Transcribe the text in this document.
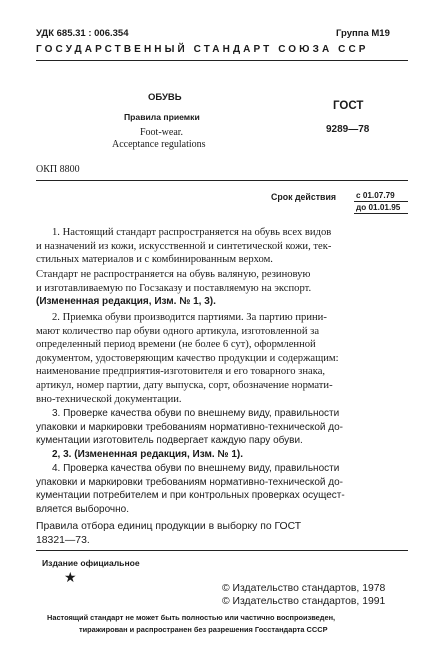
УДК 685.31 : 006.354	Группа М19
ГОСУДАРСТВЕННЫЙ СТАНДАРТ СОЮЗА ССР
ОБУВЬ
Правила приемки
Foot-wear.
Acceptance regulations
ГОСТ
9289—78
ОКП 8800
Срок действия с 01.07.79
до 01.01.95
1. Настоящий стандарт распространяется на обувь всех видов
и назначений из кожи, искусственной и синтетической кожи, тек-
стильных материалов и с комбинированным верхом.
Стандарт не распространяется на обувь валяную, резиновую
и изготавливаемую по Госзаказу и поставляемую на экспорт.
(Измененная редакция, Изм. № 1, 3).
2. Приемка обуви производится партиями. За партию прини-
мают количество пар обуви одного артикула, изготовленной за
определенный период времени (не более 6 сут), оформленной
документом, удостоверяющим качество продукции и содержащим:
наименование предприятия-изготовителя и его товарного знака,
артикул, номер партии, дату выпуска, сорт, обозначение нормати-
вно-технической документации.
3. Проверке качества обуви по внешнему виду, правильности
упаковки и маркировки требованиям нормативно-технической до-
кументации изготовитель подвергает каждую пару обуви.
2, 3. (Измененная редакция, Изм. № 1).
4. Проверка качества обуви по внешнему виду, правильности
упаковки и маркировки требованиям нормативно-технической до-
кументации потребителем и при контрольных проверках осущест-
вляется выборочно.
Правила отбора единиц продукции в выборку по ГОСТ
18321—73.
Издание официальное
★
© Издательство стандартов, 1978
© Издательство стандартов, 1991
Настоящий стандарт не может быть полностью или частично воспроизведен,
тиражирован и распространен без разрешения Госстандарта СССР
